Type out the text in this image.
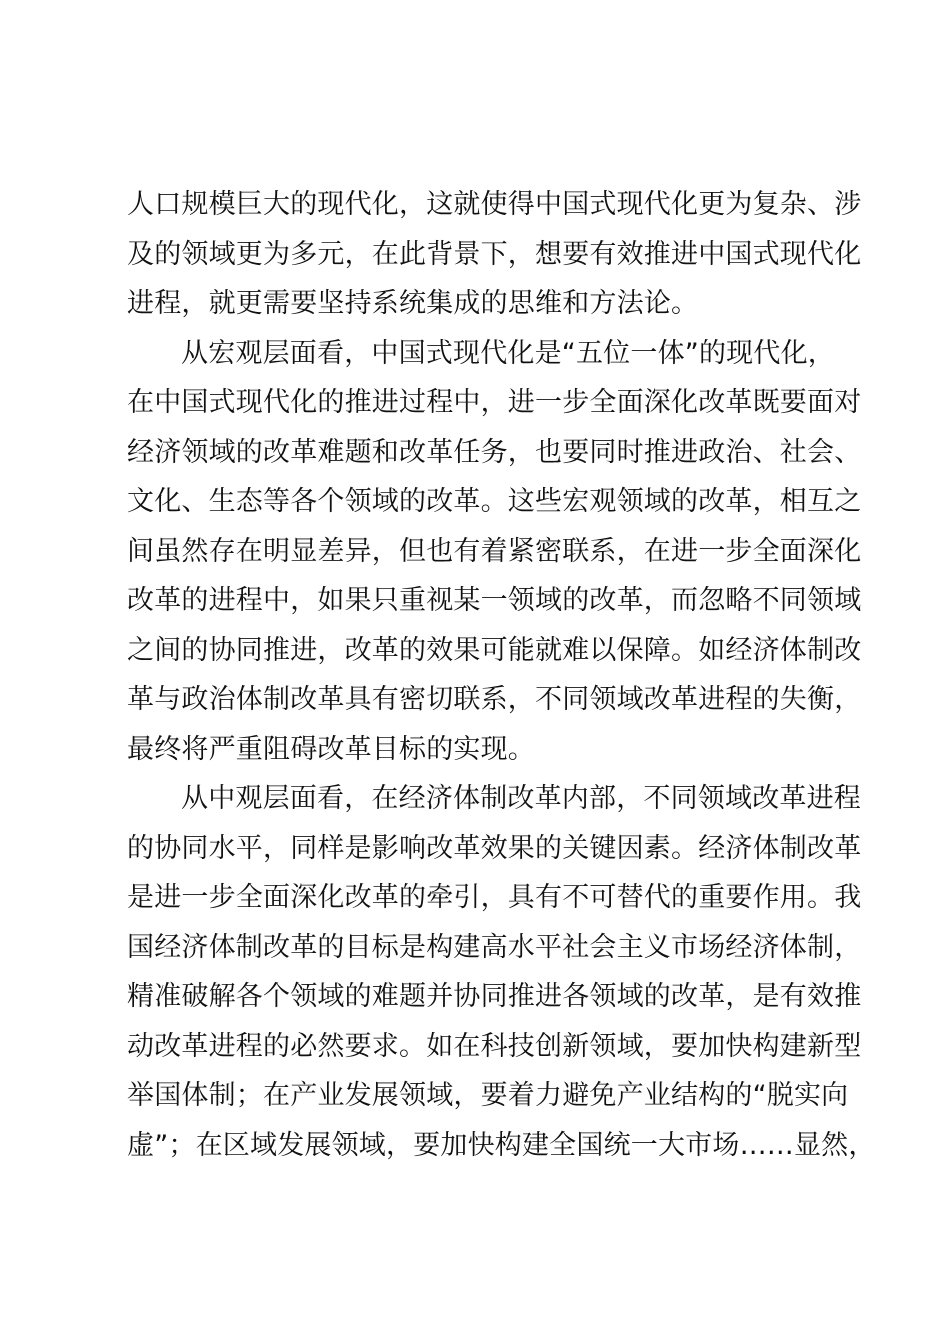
人口规模巨大的现代化，这就使得中国式现代化更为复杂、涉
及的领域更为多元，在此背景下，想要有效推进中国式现代化
进程，就更需要坚持系统集成的思维和方法论。
从宏观层面看，中国式现代化是“五位一体”的现代化，
在中国式现代化的推进过程中，进一步全面深化改革既要面对
经济领域的改革难题和改革任务，也要同时推进政治、社会、
文化、生态等各个领域的改革。这些宏观领域的改革，相互之
间虽然存在明显差异，但也有着紧密联系，在进一步全面深化
改革的进程中，如果只重视某一领域的改革，而忽略不同领域
之间的协同推进，改革的效果可能就难以保障。如经济体制改
革与政治体制改革具有密切联系，不同领域改革进程的失衡，
最终将严重阻碍改革目标的实现。
从中观层面看，在经济体制改革内部，不同领域改革进程
的协同水平，同样是影响改革效果的关键因素。经济体制改革
是进一步全面深化改革的牵引，具有不可替代的重要作用。我
国经济体制改革的目标是构建高水平社会主义市场经济体制，
精准破解各个领域的难题并协同推进各领域的改革，是有效推
动改革进程的必然要求。如在科技创新领域，要加快构建新型
举国体制；在产业发展领域，要着力避免产业结构的“脱实向
虚”；在区域发展领域，要加快构建全国统一大市场……显然，
